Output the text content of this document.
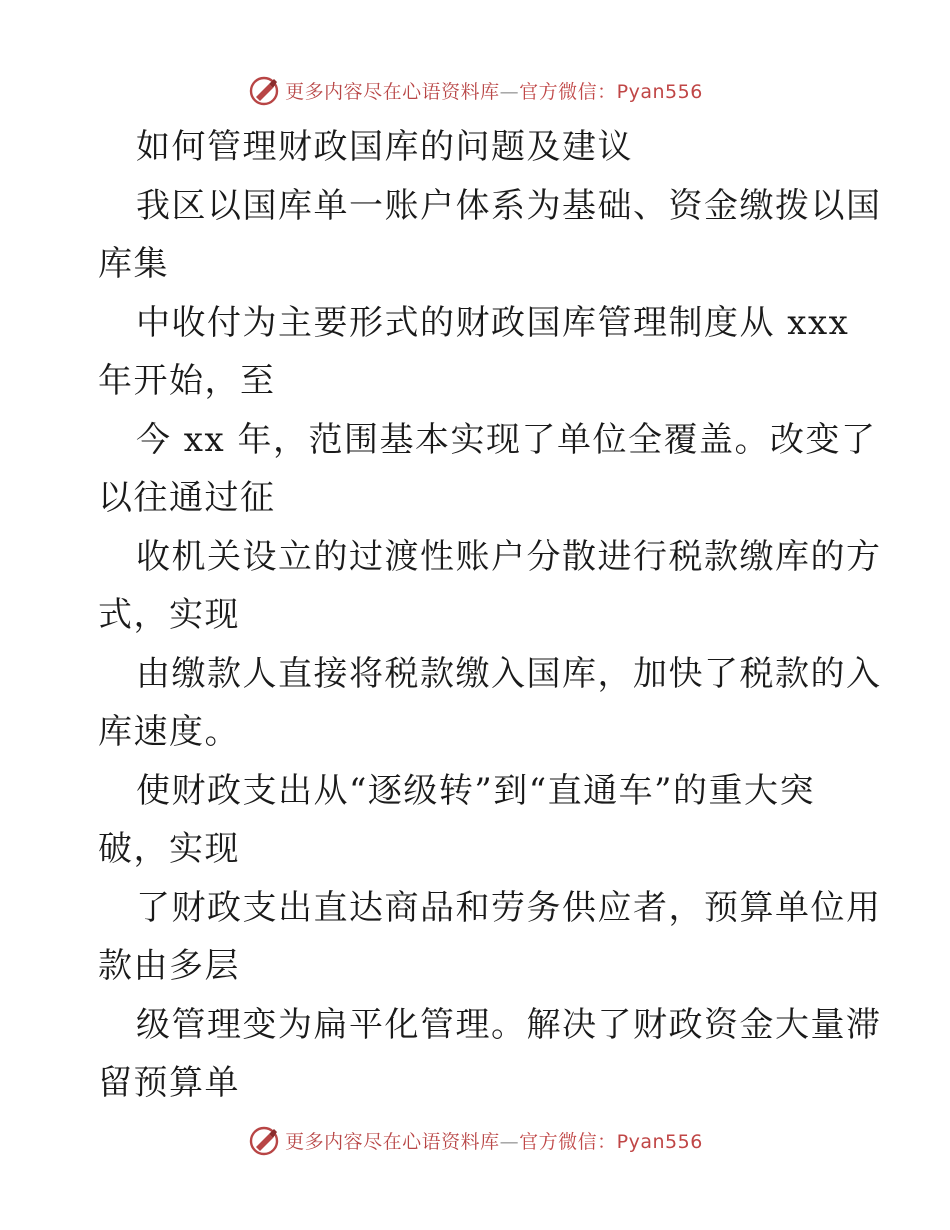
更多内容尽在心语资料库—官方微信：Pyan556
如何管理财政国库的问题及建议
我区以国库单一账户体系为基础、资金缴拨以国
库集
中收付为主要形式的财政国库管理制度从 xxx
年开始，至
今 xx 年，范围基本实现了单位全覆盖。改变了
以往通过征
收机关设立的过渡性账户分散进行税款缴库的方
式，实现
由缴款人直接将税款缴入国库，加快了税款的入
库速度。
使财政支出从“逐级转”到“直通车”的重大突
破，实现
了财政支出直达商品和劳务供应者，预算单位用
款由多层
级管理变为扁平化管理。解决了财政资金大量滞
留预算单
更多内容尽在心语资料库—官方微信：Pyan556
